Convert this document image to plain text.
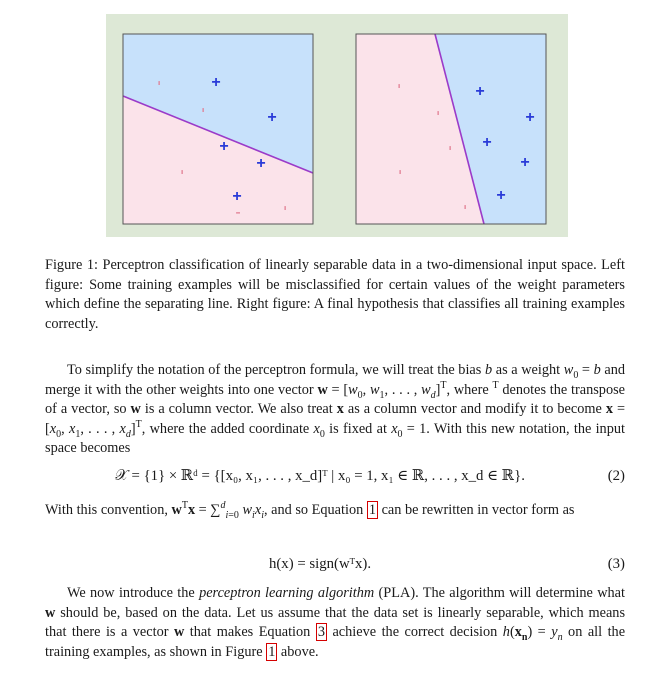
+
+
+
+
+
-
-
-
- -
+
+
+
+
+
-
-
-
-
-
Figure 1: Perceptron classification of linearly separable data in a two-dimensional input space. Left figure: Some training examples will be misclassified for certain values of the weight parameters which define the separating line. Right figure: A final hypothesis that classifies all training examples correctly.
To simplify the notation of the perceptron formula, we will treat the bias b as a weight $w_0 = b$ and merge it with the other weights into one vector $w = [w_0$, $w_1$, . . . , $w_d]^T$, where $^T$ denotes the transpose of a vector, so w is a column vector. We also treat x as a column vector and modify it to become $x = [x_0$, $x_1$, . . . , $x_d]^T$, where the added coordinate $x_0$ is fixed at $x_0 = 1$. With this new notation, the input space becomes
𝒳 = {1} × ℝᵈ = {[x₀, x₁, . . . , x_d]ᵀ | x₀ = 1, x₁ ∈ ℝ, . . . , x_d ∈ ℝ}.	(2)
With this convention, $w^Tx = \sum^d_{i=0}$ $w_ix_i$, and so Equation 1 can be rewritten in vector form as
h(x) = sign(wᵀx).	(3)
We now introduce the perceptron learning algorithm (PLA). The algorithm will determine what w should be, based on the data. Let us assume that the data set is linearly separable, which means that there is a vector w that makes Equation 3 achieve the correct decision $h(x_n) = y_n$ on all the training examples, as shown in Figure 1 above.
